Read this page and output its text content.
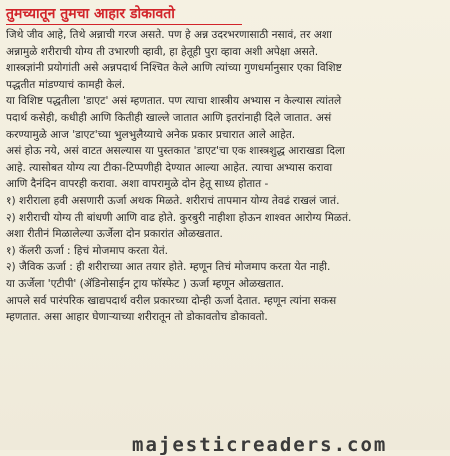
तुमच्यातून तुमचा आहार डोकावतो
जिथे जीव आहे, तिथे अन्नाची गरज असते. पण हे अन्न उदरभरणासाठी नसावं, तर अशा
अन्नामुळे शरीराची योग्य ती उभारणी व्हावी, हा हेतूही पुरा व्हावा अशी अपेक्षा असते.
शास्त्रज्ञांनी प्रयोगांती असे अन्नपदार्थ निश्चित केले आणि त्यांच्या गुणधर्मानुसार एका विशिष्ट
पद्धतीत मांडण्याचं कामही केलं.
या विशिष्ट पद्धतीला 'डाएट' असं म्हणतात. पण त्याचा शास्त्रीय अभ्यास न केल्यास त्यांतले
पदार्थ कसेही, कधीही आणि कितीही खाल्ले जातात आणि इतरांनाही दिले जातात. असं
करण्यामुळे आज 'डाएट'च्या भुलभुलैय्याचे अनेक प्रकार प्रचारात आले आहेत.
असं होऊ नये, असं वाटत असल्यास या पुस्तकात 'डाएट'चा एक शास्त्रशुद्ध आराखडा दिला
आहे. त्यासोबत योग्य त्या टीका-टिप्पणीही देण्यात आल्या आहेत. त्याचा अभ्यास करावा
आणि दैनंदिन वापरही करावा. अशा वापरामुळे दोन हेतू साध्य होतात -
१) शरीराला हवी असणारी ऊर्जा अथक मिळते. शरीराचं तापमान योग्य तेवढं राखलं जातं.
२) शरीराची योग्य ती बांधणी आणि वाढ होते. कुरबुरी नाहीशा होऊन शाश्वत आरोग्य मिळतं.
अशा रीतीनं मिळालेल्या ऊर्जेला दोन प्रकारांत ओळखतात.
१) कॅलरी ऊर्जा : हिचं मोजमाप करता येतं.
२) जैविक ऊर्जा : ही शरीराच्या आत तयार होते. म्हणून तिचं मोजमाप करता येत नाही.
या ऊर्जेला 'एटीपी' (ॲडिनोसाईन ट्राय फॉस्फेट ) ऊर्जा म्हणून ओळखतात.
आपले सर्व पारंपरिक खाद्यपदार्थ वरील प्रकारच्या दोन्ही ऊर्जा देतात. म्हणून त्यांना सकस
म्हणतात. असा आहार घेणाऱ्याच्या शरीरातून तो डोकावतोच डोकावतो.
majesticreaders.com
